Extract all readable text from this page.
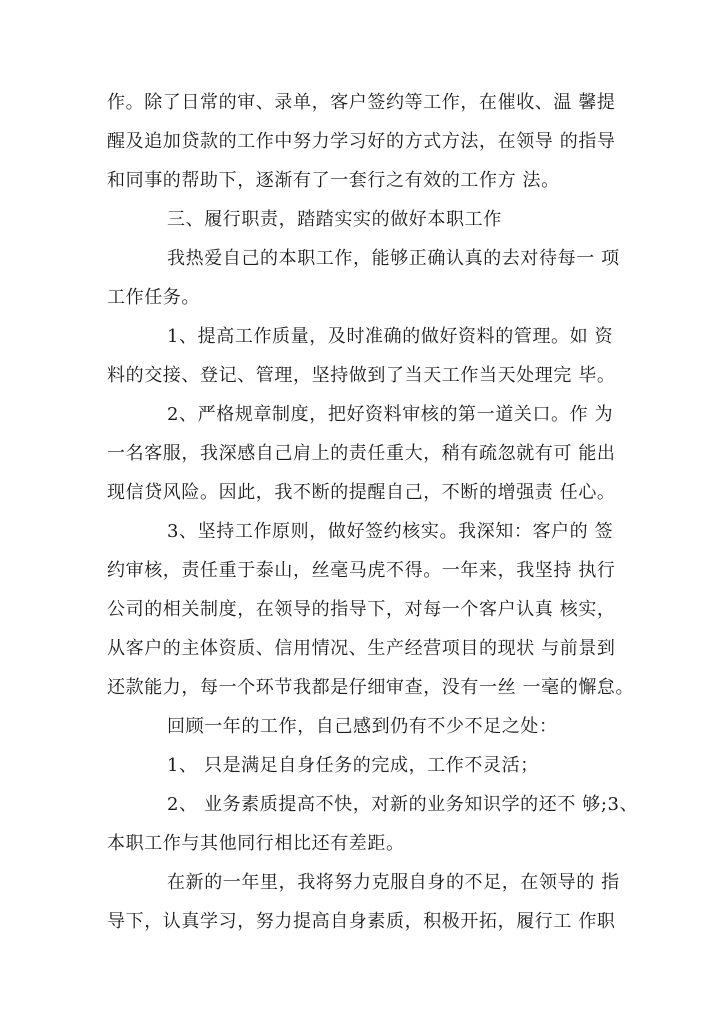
作。除了日常的审、录单，客户签约等工作，在催收、温 馨提
醒及追加贷款的工作中努力学习好的方式方法，在领导 的指导
和同事的帮助下，逐渐有了一套行之有效的工作方 法。
三、履行职责，踏踏实实的做好本职工作
我热爱自己的本职工作，能够正确认真的去对待每一 项
工作任务。
1、提高工作质量，及时准确的做好资料的管理。如 资
料的交接、登记、管理，坚持做到了当天工作当天处理完 毕。
2、严格规章制度，把好资料审核的第一道关口。作 为
一名客服，我深感自己肩上的责任重大，稍有疏忽就有可 能出
现信贷风险。因此，我不断的提醒自己，不断的增强责 任心。
3、坚持工作原则，做好签约核实。我深知：客户的 签
约审核，责任重于泰山，丝毫马虎不得。一年来，我坚持 执行
公司的相关制度，在领导的指导下，对每一个客户认真 核实，
从客户的主体资质、信用情况、生产经营项目的现状 与前景到
还款能力，每一个环节我都是仔细审查，没有一丝 一毫的懈怠。
回顾一年的工作，自己感到仍有不少不足之处：
1、 只是满足自身任务的完成，工作不灵活；
2、 业务素质提高不快，对新的业务知识学的还不 够;3、
本职工作与其他同行相比还有差距。
在新的一年里，我将努力克服自身的不足，在领导的 指
导下，认真学习，努力提高自身素质，积极开拓，履行工 作职
